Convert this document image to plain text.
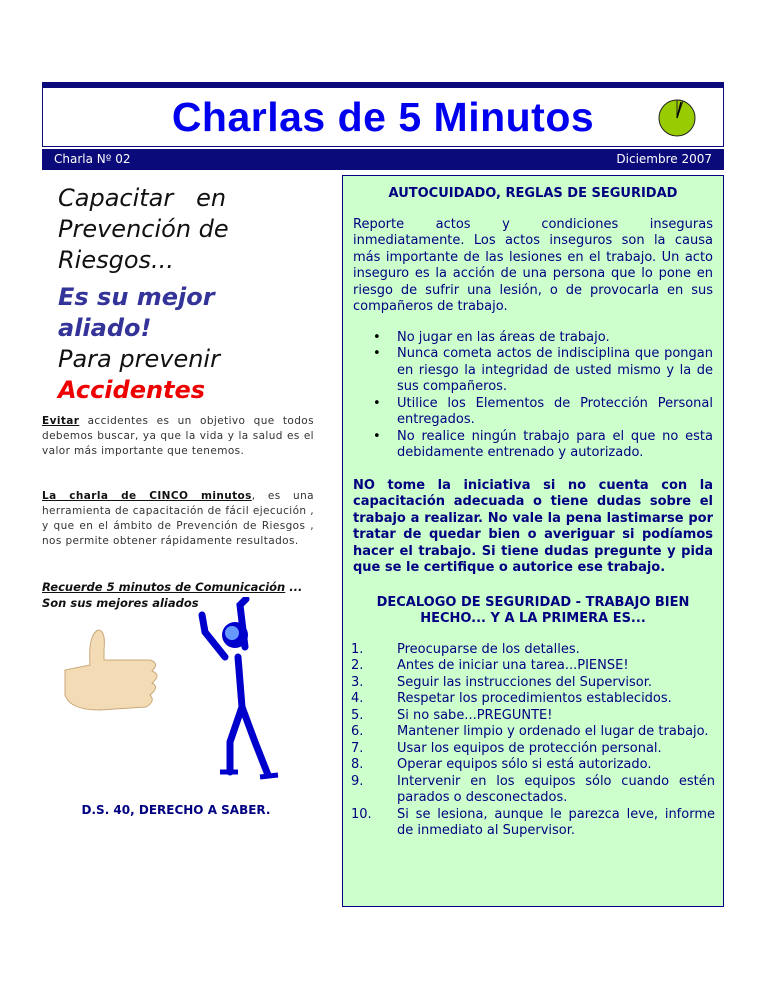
Charlas de 5 Minutos
Charla Nº 02	Diciembre 2007
Capacitar   en
Prevención de
Riesgos...
Es su mejor aliado!
Para prevenir
Accidentes
Evitar accidentes es un objetivo que todos debemos buscar, ya que la vida y la salud es el valor más importante que tenemos.
La charla de CINCO minutos, es una herramienta de capacitación de fácil ejecución , y que en el ámbito de Prevención de Riesgos , nos permite obtener rápidamente resultados.
Recuerde 5 minutos de Comunicación ...
Son sus mejores aliados
D.S. 40, DERECHO A SABER.
AUTOCUIDADO, REGLAS DE SEGURIDAD

Reporte actos y condiciones inseguras inmediatamente. Los actos inseguros son la causa más importante de las lesiones en el trabajo. Un acto inseguro es la acción de una persona que lo pone en riesgo de sufrir una lesión, o de provocarla en sus compañeros de trabajo.

• No jugar en las áreas de trabajo.
• Nunca cometa actos de indisciplina que pongan en riesgo la integridad de usted mismo y la de sus compañeros.
• Utilice los Elementos de Protección Personal entregados.
• No realice ningún trabajo para el que no esta debidamente entrenado y autorizado.

NO tome la iniciativa si no cuenta con la capacitación adecuada o tiene dudas sobre el trabajo a realizar. No vale la pena lastimarse por tratar de quedar bien o averiguar si podíamos hacer el trabajo. Si tiene dudas pregunte y pida que se le certifique o autorice ese trabajo.

DECALOGO DE SEGURIDAD - TRABAJO BIEN HECHO... Y A LA PRIMERA ES...
1.	Preocuparse de los detalles.
2.	Antes de iniciar una tarea...PIENSE!
3.	Seguir las instrucciones del Supervisor.
4.	Respetar los procedimientos establecidos.
5.	Si no sabe...PREGUNTE!
6.	Mantener limpio y ordenado el lugar de trabajo.
7.	Usar los equipos de protección personal.
8.	Operar equipos sólo si está autorizado.
9.	Intervenir en los equipos sólo cuando estén parados o desconectados.
10.	Si se lesiona, aunque le parezca leve, informe de inmediato al Supervisor.
